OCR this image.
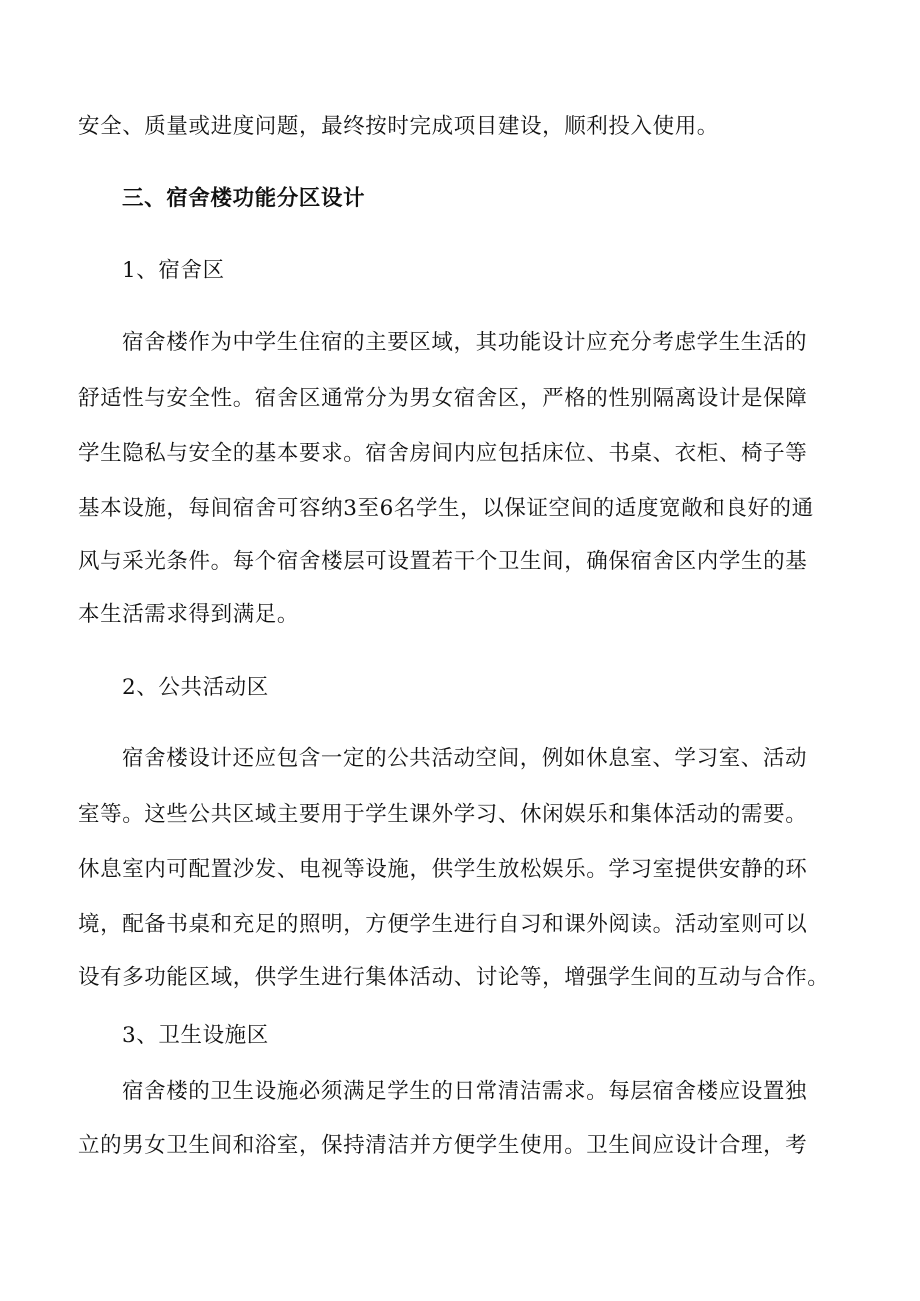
安全、质量或进度问题，最终按时完成项目建设，顺利投入使用。
三、宿舍楼功能分区设计
1、宿舍区
宿舍楼作为中学生住宿的主要区域，其功能设计应充分考虑学生生活的
舒适性与安全性。宿舍区通常分为男女宿舍区，严格的性别隔离设计是保障
学生隐私与安全的基本要求。宿舍房间内应包括床位、书桌、衣柜、椅子等
基本设施，每间宿舍可容纳3至6名学生，以保证空间的适度宽敞和良好的通
风与采光条件。每个宿舍楼层可设置若干个卫生间，确保宿舍区内学生的基
本生活需求得到满足。
2、公共活动区
宿舍楼设计还应包含一定的公共活动空间，例如休息室、学习室、活动
室等。这些公共区域主要用于学生课外学习、休闲娱乐和集体活动的需要。
休息室内可配置沙发、电视等设施，供学生放松娱乐。学习室提供安静的环
境，配备书桌和充足的照明，方便学生进行自习和课外阅读。活动室则可以
设有多功能区域，供学生进行集体活动、讨论等，增强学生间的互动与合作。
3、卫生设施区
宿舍楼的卫生设施必须满足学生的日常清洁需求。每层宿舍楼应设置独
立的男女卫生间和浴室，保持清洁并方便学生使用。卫生间应设计合理，考
